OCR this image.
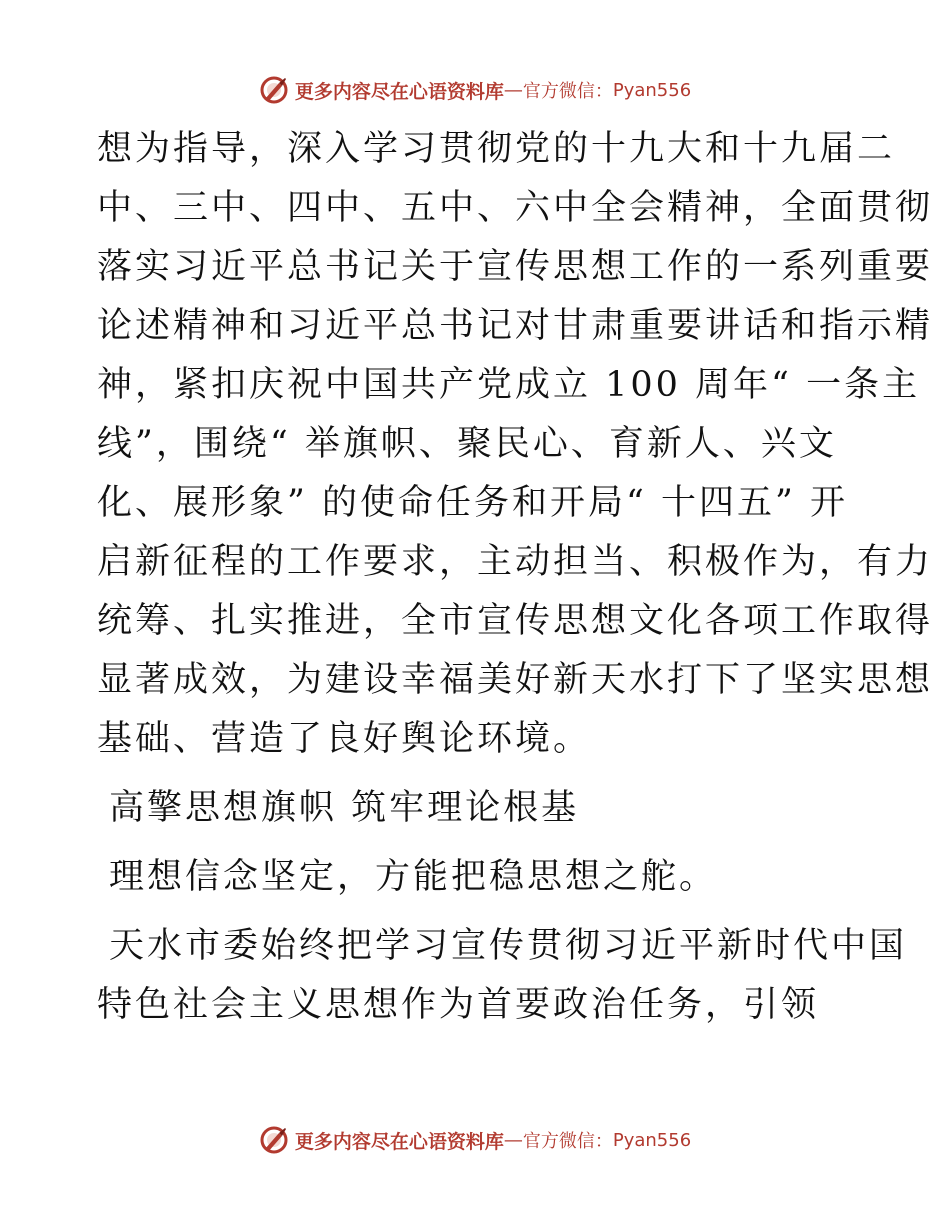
更多内容尽在心语资料库 — 官方微信： Pyan556
想为指导，深入学习贯彻党的十九大和十九届二
中、三中、四中、五中、六中全会精神，全面贯彻
落实习近平总书记关于宣传思想工作的一系列重要
论述精神和习近平总书记对甘肃重要讲话和指示精
神，紧扣庆祝中国共产党成立 100 周年“ 一条主
线”，围绕“ 举旗帜、聚民心、育新人、兴文
化、展形象” 的使命任务和开局“ 十四五” 开
启新征程的工作要求，主动担当、积极作为，有力
统筹、扎实推进，全市宣传思想文化各项工作取得
显著成效，为建设幸福美好新天水打下了坚实思想
基础、营造了良好舆论环境。
高擎思想旗帜 筑牢理论根基
理想信念坚定，方能把稳思想之舵。
天水市委始终把学习宣传贯彻习近平新时代中国
特色社会主义思想作为首要政治任务，引领
更多内容尽在心语资料库 — 官方微信： Pyan556
